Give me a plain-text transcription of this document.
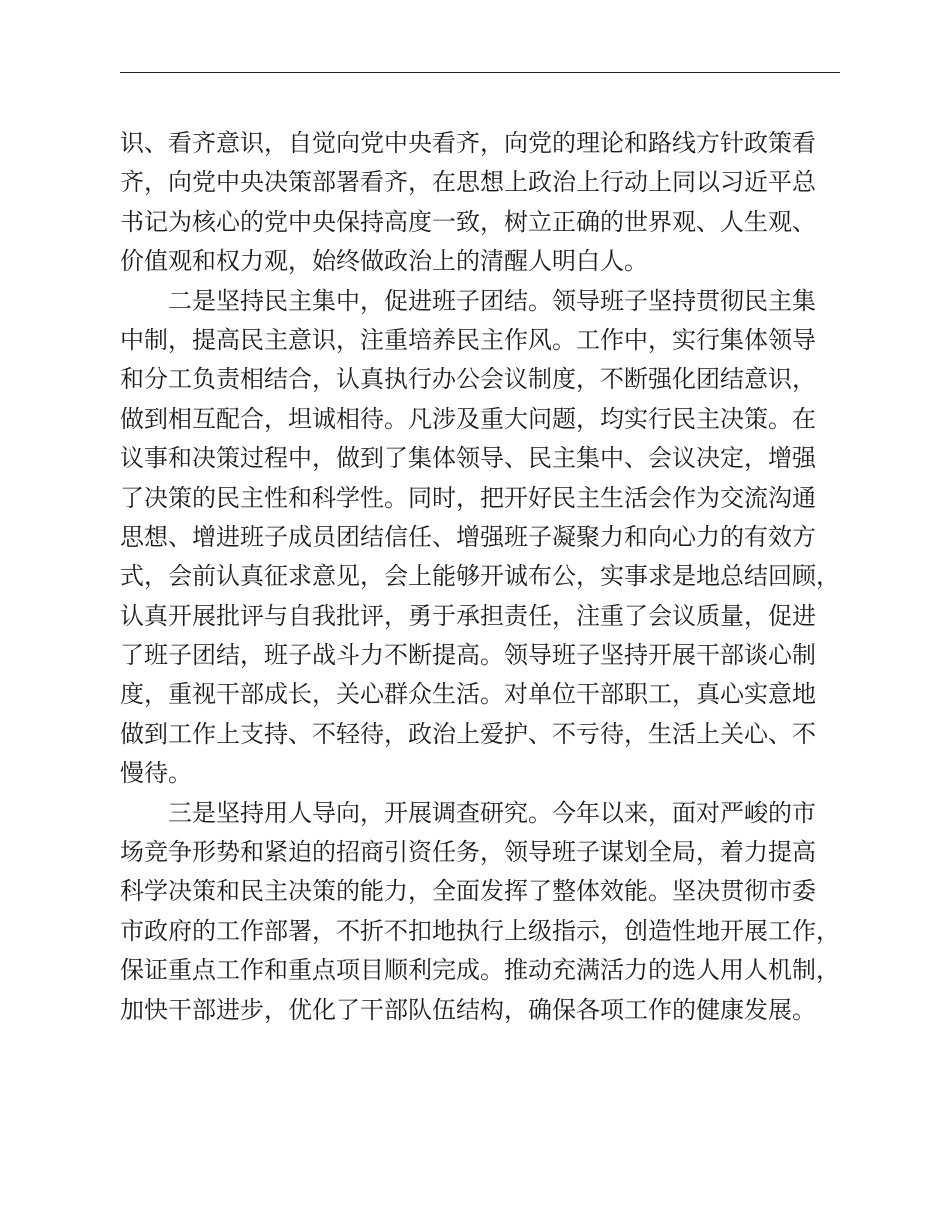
识、看齐意识，自觉向党中央看齐，向党的理论和路线方针政策看
齐，向党中央决策部署看齐，在思想上政治上行动上同以习近平总
书记为核心的党中央保持高度一致，树立正确的世界观、人生观、
价值观和权力观，始终做政治上的清醒人明白人。
二是坚持民主集中，促进班子团结。领导班子坚持贯彻民主集
中制，提高民主意识，注重培养民主作风。工作中，实行集体领导
和分工负责相结合，认真执行办公会议制度，不断强化团结意识，
做到相互配合，坦诚相待。凡涉及重大问题，均实行民主决策。在
议事和决策过程中，做到了集体领导、民主集中、会议决定，增强
了决策的民主性和科学性。同时，把开好民主生活会作为交流沟通
思想、增进班子成员团结信任、增强班子凝聚力和向心力的有效方
式，会前认真征求意见，会上能够开诚布公，实事求是地总结回顾，
认真开展批评与自我批评，勇于承担责任，注重了会议质量，促进
了班子团结，班子战斗力不断提高。领导班子坚持开展干部谈心制
度，重视干部成长，关心群众生活。对单位干部职工，真心实意地
做到工作上支持、不轻待，政治上爱护、不亏待，生活上关心、不
慢待。
三是坚持用人导向，开展调查研究。今年以来，面对严峻的市
场竞争形势和紧迫的招商引资任务，领导班子谋划全局，着力提高
科学决策和民主决策的能力，全面发挥了整体效能。坚决贯彻市委
市政府的工作部署，不折不扣地执行上级指示，创造性地开展工作，
保证重点工作和重点项目顺利完成。推动充满活力的选人用人机制，
加快干部进步，优化了干部队伍结构，确保各项工作的健康发展。
